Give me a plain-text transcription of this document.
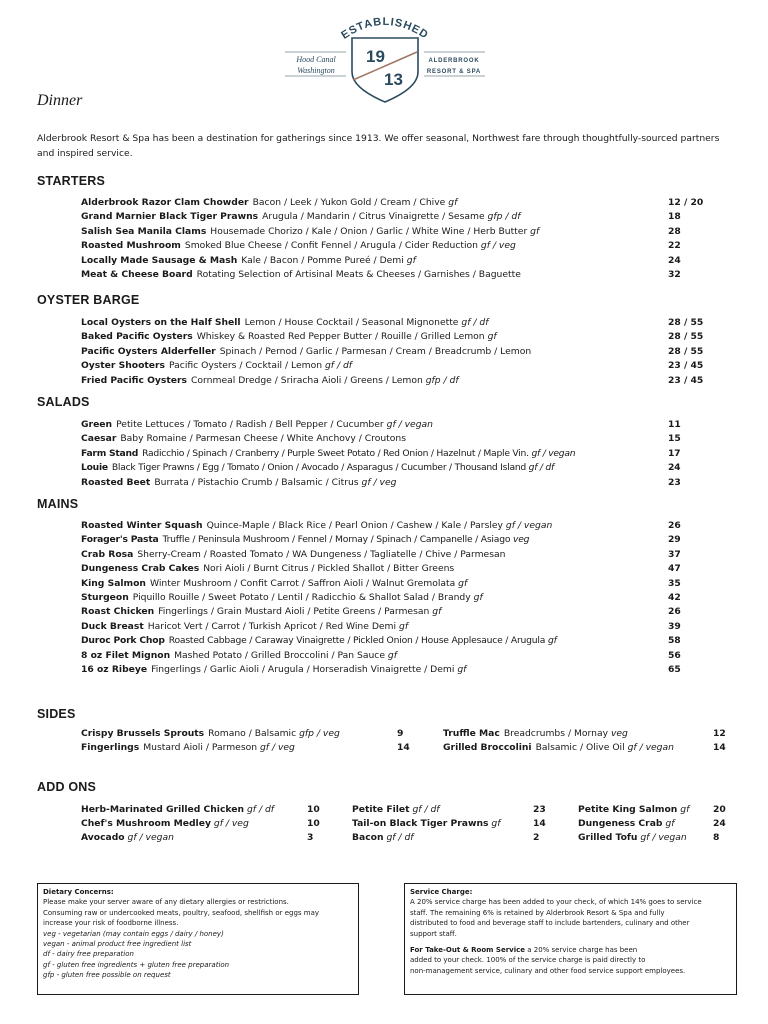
ESTABLISHED
Hood Canal
Washington
ALDERBROOK
RESORT & SPA
19
13
Dinner

Alderbrook Resort & Spa has been a destination for gatherings since 1913. We offer seasonal, Northwest fare through thoughtfully-sourced partners and inspired service.

STARTERS
Alderbrook Razor Clam Chowder Bacon / Leek / Yukon Gold / Cream / Chive gf	12 / 20
Grand Marnier Black Tiger Prawns Arugula / Mandarin / Citrus Vinaigrette / Sesame gfp / df	18
Salish Sea Manila Clams Housemade Chorizo / Kale / Onion / Garlic / White Wine / Herb Butter gf	28
Roasted Mushroom Smoked Blue Cheese / Confit Fennel / Arugula / Cider Reduction gf / veg	22
Locally Made Sausage & Mash Kale / Bacon / Pomme Pureé / Demi gf	24
Meat & Cheese Board Rotating Selection of Artisinal Meats & Cheeses / Garnishes / Baguette	32
OYSTER BARGE
Local Oysters on the Half Shell Lemon / House Cocktail / Seasonal Mignonette gf / df	28 / 55
Baked Pacific Oysters Whiskey & Roasted Red Pepper Butter / Rouille / Grilled Lemon gf	28 / 55
Pacific Oysters Alderfeller Spinach / Pernod / Garlic / Parmesan / Cream / Breadcrumb / Lemon	28 / 55
Oyster Shooters Pacific Oysters / Cocktail / Lemon gf / df	23 / 45
Fried Pacific Oysters Cornmeal Dredge / Sriracha Aioli / Greens / Lemon gfp / df	23 / 45
SALADS
Green Petite Lettuces / Tomato / Radish / Bell Pepper / Cucumber gf / vegan	11
Caesar Baby Romaine / Parmesan Cheese / White Anchovy / Croutons	15
Farm Stand Radicchio / Spinach / Cranberry / Purple Sweet Potato / Red Onion / Hazelnut / Maple Vin. gf / vegan	17
Louie Black Tiger Prawns / Egg / Tomato / Onion / Avocado / Asparagus / Cucumber / Thousand Island gf / df	24
Roasted Beet Burrata / Pistachio Crumb / Balsamic / Citrus gf / veg	23
MAINS
Roasted Winter Squash Quince-Maple / Black Rice / Pearl Onion / Cashew / Kale / Parsley gf / vegan	26
Forager's Pasta Truffle / Peninsula Mushroom / Fennel / Mornay / Spinach / Campanelle / Asiago veg	29
Crab Rosa Sherry-Cream / Roasted Tomato / WA Dungeness / Tagliatelle / Chive / Parmesan	37
Dungeness Crab Cakes Nori Aioli / Burnt Citrus / Pickled Shallot / Bitter Greens	47
King Salmon Winter Mushroom / Confit Carrot / Saffron Aioli / Walnut Gremolata gf	35
Sturgeon Piquillo Rouille / Sweet Potato / Lentil / Radicchio & Shallot Salad / Brandy gf	42
Roast Chicken Fingerlings / Grain Mustard Aioli / Petite Greens / Parmesan gf	26
Duck Breast Haricot Vert / Carrot / Turkish Apricot / Red Wine Demi gf	39
Duroc Pork Chop Roasted Cabbage / Caraway Vinaigrette / Pickled Onion / House Applesauce / Arugula gf	58
8 oz Filet Mignon Mashed Potato / Grilled Broccolini / Pan Sauce gf	56
16 oz Ribeye Fingerlings / Garlic Aioli / Arugula / Horseradish Vinaigrette / Demi gf	65
SIDES
Crispy Brussels Sprouts Romano / Balsamic gfp / veg	9
Fingerlings Mustard Aioli / Parmeson gf / veg	14
Truffle Mac Breadcrumbs / Mornay veg	12
Grilled Broccolini Balsamic / Olive Oil gf / vegan	14
ADD ONS
Herb-Marinated Grilled Chicken gf / df	10
Chef's Mushroom Medley gf / veg	10
Avocado gf / vegan	3
Petite Filet gf / df	23
Tail-on Black Tiger Prawns gf	14
Bacon gf / df	2
Petite King Salmon gf	20
Dungeness Crab gf	24
Grilled Tofu gf / vegan	8
Dietary Concerns:
Please make your server aware of any dietary allergies or restrictions.
Consuming raw or undercooked meats, poultry, seafood, shellfish or eggs may
increase your risk of foodborne illness.
veg - vegetarian (may contain eggs / dairy / honey)
vegan - animal product free ingredient list
df - dairy free preparation
gf - gluten free ingredients + gluten free preparation
gfp - gluten free possible on request
Service Charge:
A 20% service charge has been added to your check, of which 14% goes to service
staff. The remaining 6% is retained by Alderbrook Resort & Spa and fully
distributed to food and beverage staff to include bartenders, culinary and other
support staff.
For Take-Out & Room Service a 20% service charge has been
added to your check. 100% of the service charge is paid directly to
non-management service, culinary and other food service support employees.
